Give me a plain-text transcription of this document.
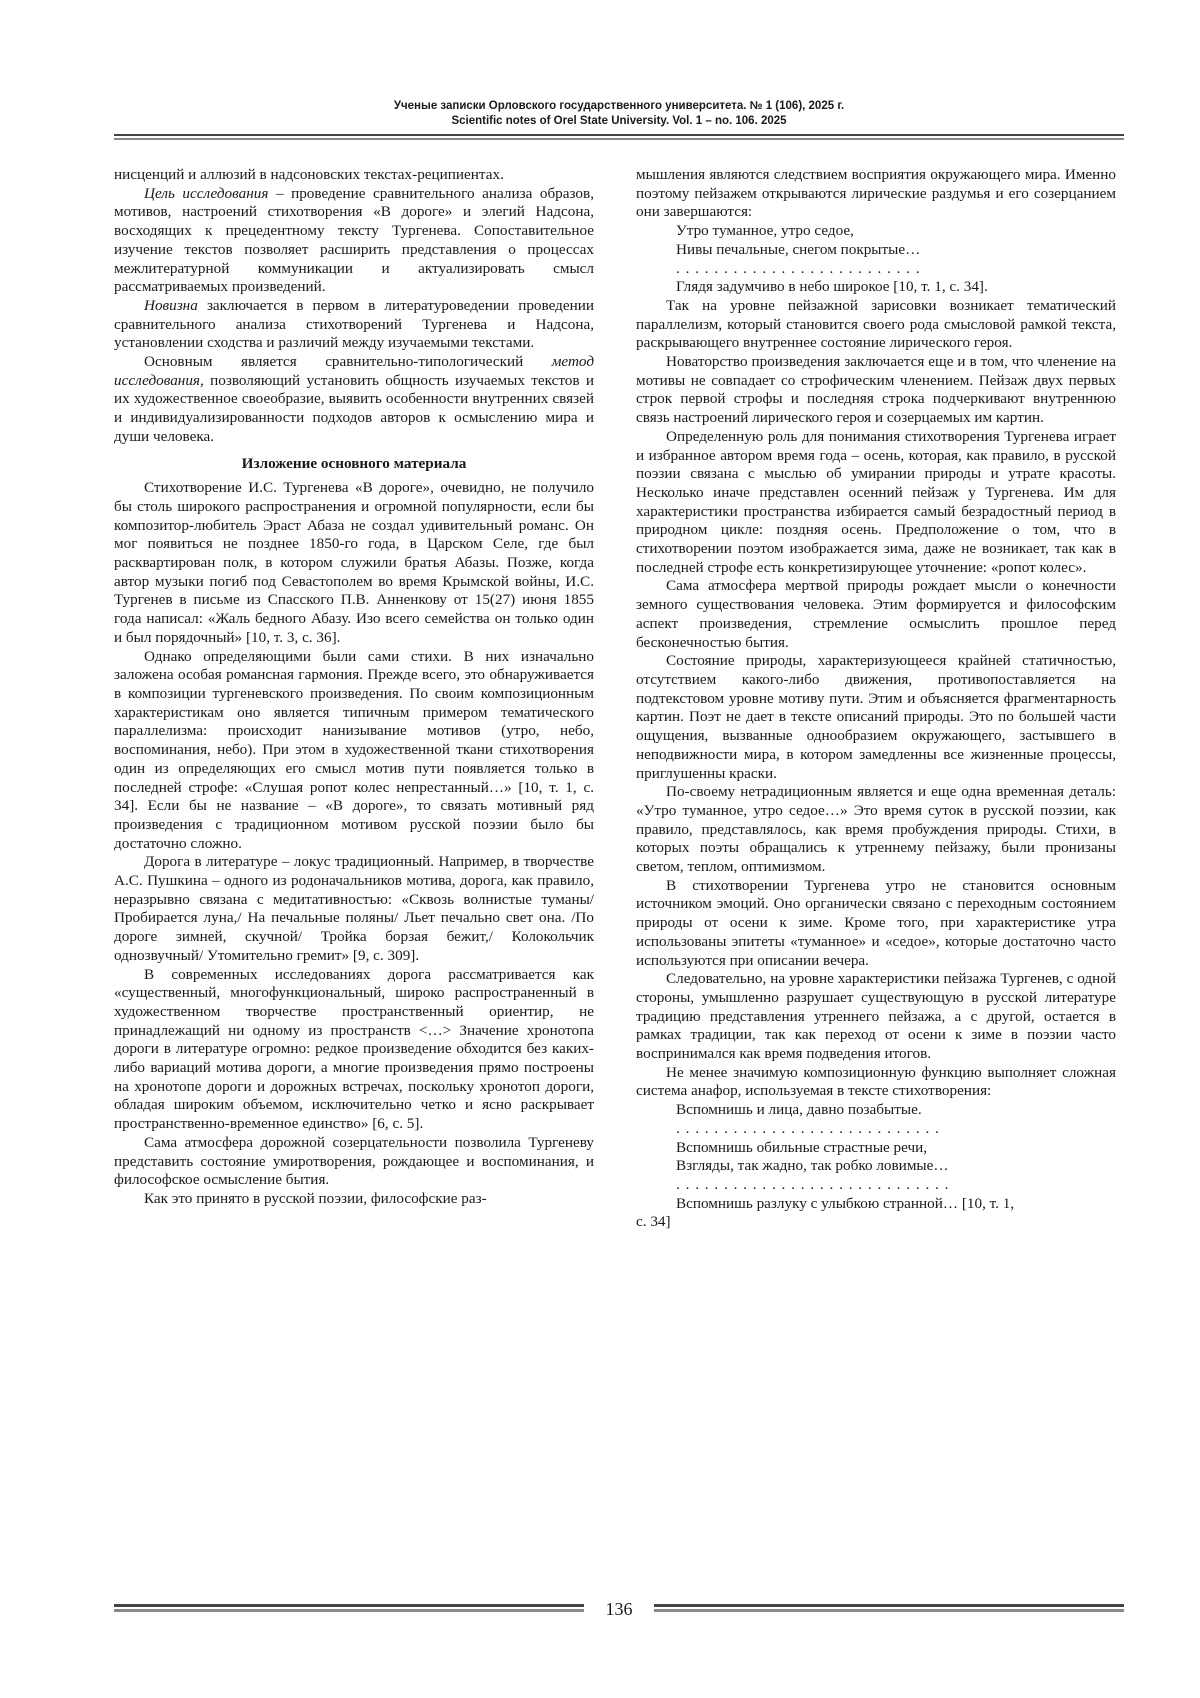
Ученые записки Орловского государственного университета. № 1 (106), 2025 г.
Scientific notes of Orel State University. Vol. 1 – no. 106. 2025

нисценций и аллюзий в надсоновских текстах-реципиентах.

Цель исследования – проведение сравнительного анализа образов, мотивов, настроений стихотворения «В дороге» и элегий Надсона, восходящих к прецедентному тексту Тургенева. Сопоставительное изучение текстов позволяет расширить представления о процессах межлитературной коммуникации и актуализировать смысл рассматриваемых произведений.

Новизна заключается в первом в литературоведении проведении сравнительного анализа стихотворений Тургенева и Надсона, установлении сходства и различий между изучаемыми текстами.

Основным является сравнительно-типологический метод исследования, позволяющий установить общность изучаемых текстов и их художественное своеобразие, выявить особенности внутренних связей и индивидуализированности подходов авторов к осмыслению мира и души человека.

Изложение основного материала

Стихотворение И.С. Тургенева «В дороге», очевидно, не получило бы столь широкого распространения и огромной популярности, если бы композитор-любитель Эраст Абаза не создал удивительный романс. Он мог появиться не позднее 1850-го года, в Царском Селе, где был расквартирован полк, в котором служили братья Абазы. Позже, когда автор музыки погиб под Севастополем во время Крымской войны, И.С. Тургенев в письме из Спасского П.В. Анненкову от 15(27) июня 1855 года написал: «Жаль бедного Абазу. Изо всего семейства он только один и был порядочный» [10, т. 3, с. 36].

Однако определяющими были сами стихи. В них изначально заложена особая романсная гармония. Прежде всего, это обнаруживается в композиции тургеневского произведения. По своим композиционным характеристикам оно является типичным примером тематического параллелизма: происходит нанизывание мотивов (утро, небо, воспоминания, небо). При этом в художественной ткани стихотворения один из определяющих его смысл мотив пути появляется только в последней строфе: «Слушая ропот колес непрестанный…» [10, т. 1, с. 34]. Если бы не название – «В дороге», то связать мотивный ряд произведения с традиционном мотивом русской поэзии было бы достаточно сложно.

Дорога в литературе – локус традиционный. Например, в творчестве А.С. Пушкина – одного из родоначальников мотива, дорога, как правило, неразрывно связана с медитативностью: «Сквозь волнистые туманы/ Пробирается луна,/ На печальные поляны/ Льет печально свет она. /По дороге зимней, скучной/ Тройка борзая бежит,/ Колокольчик однозвучный/ Утомительно гремит» [9, с. 309].

В современных исследованиях дорога рассматривается как «существенный, многофункциональный, широко распространенный в художественном творчестве пространственный ориентир, не принадлежащий ни одному из пространств <…> Значение хронотопа дороги в литературе огромно: редкое произведение обходится без каких-либо вариаций мотива дороги, а многие произведения прямо построены на хронотопе дороги и дорожных встречах, поскольку хронотоп дороги, обладая широким объемом, исключительно четко и ясно раскрывает пространственно-временное единство» [6, с. 5].

Сама атмосфера дорожной созерцательности позволила Тургеневу представить состояние умиротворения, рождающее и воспоминания, и философское осмысление бытия.

Как это принято в русской поэзии, философские раз-

мышления являются следствием восприятия окружающего мира. Именно поэтому пейзажем открываются лирические раздумья и его созерцанием они завершаются:

Утро туманное, утро седое,

Нивы печальные, снегом покрытые…

. . . . . . . . . . . . . . . . . . . . . . . . . .

Глядя задумчиво в небо широкое [10, т. 1, с. 34].

Так на уровне пейзажной зарисовки возникает тематический параллелизм, который становится своего рода смысловой рамкой текста, раскрывающего внутреннее состояние лирического героя.

Новаторство произведения заключается еще и в том, что членение на мотивы не совпадает со строфическим членением. Пейзаж двух первых строк первой строфы и последняя строка подчеркивают внутреннюю связь настроений лирического героя и созерцаемых им картин.

Определенную роль для понимания стихотворения Тургенева играет и избранное автором время года – осень, которая, как правило, в русской поэзии связана с мыслью об умирании природы и утрате красоты. Несколько иначе представлен осенний пейзаж у Тургенева. Им для характеристики пространства избирается самый безрадостный период в природном цикле: поздняя осень. Предположение о том, что в стихотворении поэтом изображается зима, даже не возникает, так как в последней строфе есть конкретизирующее уточнение: «ропот колес».

Сама атмосфера мертвой природы рождает мысли о конечности земного существования человека. Этим формируется и философским аспект произведения, стремление осмыслить прошлое перед бесконечностью бытия.

Состояние природы, характеризующееся крайней статичностью, отсутствием какого-либо движения, противопоставляется на подтекстовом уровне мотиву пути. Этим и объясняется фрагментарность картин. Поэт не дает в тексте описаний природы. Это по большей части ощущения, вызванные однообразием окружающего, застывшего в неподвижности мира, в котором замедленны все жизненные процессы, приглушенны краски.

По-своему нетрадиционным является и еще одна временная деталь: «Утро туманное, утро седое…» Это время суток в русской поэзии, как правило, представлялось, как время пробуждения природы. Стихи, в которых поэты обращались к утреннему пейзажу, были пронизаны светом, теплом, оптимизмом.

В стихотворении Тургенева утро не становится основным источником эмоций. Оно органически связано с переходным состоянием природы от осени к зиме. Кроме того, при характеристике утра использованы эпитеты «туманное» и «седое», которые достаточно часто используются при описании вечера.

Следовательно, на уровне характеристики пейзажа Тургенев, с одной стороны, умышленно разрушает существующую в русской литературе традицию представления утреннего пейзажа, а с другой, остается в рамках традиции, так как переход от осени к зиме в поэзии часто воспринимался как время подведения итогов.

Не менее значимую композиционную функцию выполняет сложная система анафор, используемая в тексте стихотворения:

Вспомнишь и лица, давно позабытые.

. . . . . . . . . . . . . . . . . . . . . . . . . . . .

Вспомнишь обильные страстные речи,

Взгляды, так жадно, так робко ловимые…

. . . . . . . . . . . . . . . . . . . . . . . . . . . . .

Вспомнишь разлуку с улыбкою странной… [10, т. 1,

с. 34]

136
